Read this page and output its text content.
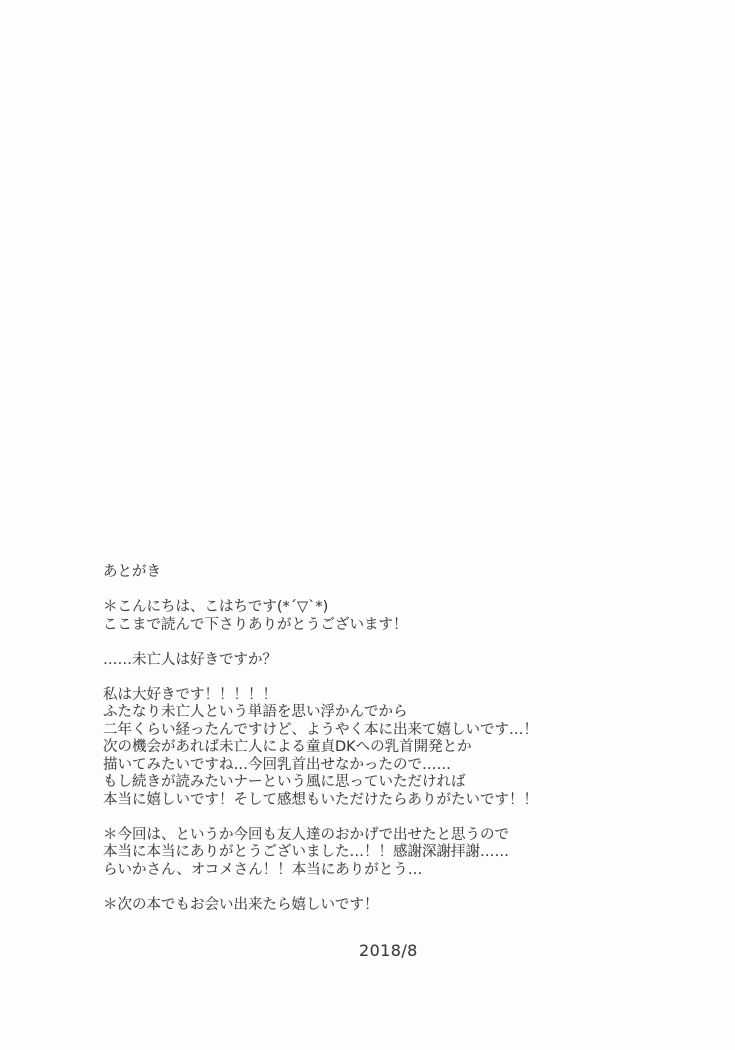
あとがき
＊こんにちは、こはちです(*´▽`*)
ここまで読んで下さりありがとうございます！
……未亡人は好きですか？
私は大好きです！！！！！
ふたなり未亡人という単語を思い浮かんでから
二年くらい経ったんですけど、ようやく本に出来て嬉しいです…！
次の機会があれば未亡人による童貞DKへの乳首開発とか
描いてみたいですね…今回乳首出せなかったので……
もし続きが読みたいナーという風に思っていただければ
本当に嬉しいです！そして感想もいただけたらありがたいです！！
＊今回は、というか今回も友人達のおかげで出せたと思うので
本当に本当にありがとうございました…！！感謝深謝拝謝……
らいかさん、オコメさん！！本当にありがとう…
＊次の本でもお会い出来たら嬉しいです！
2018/8
